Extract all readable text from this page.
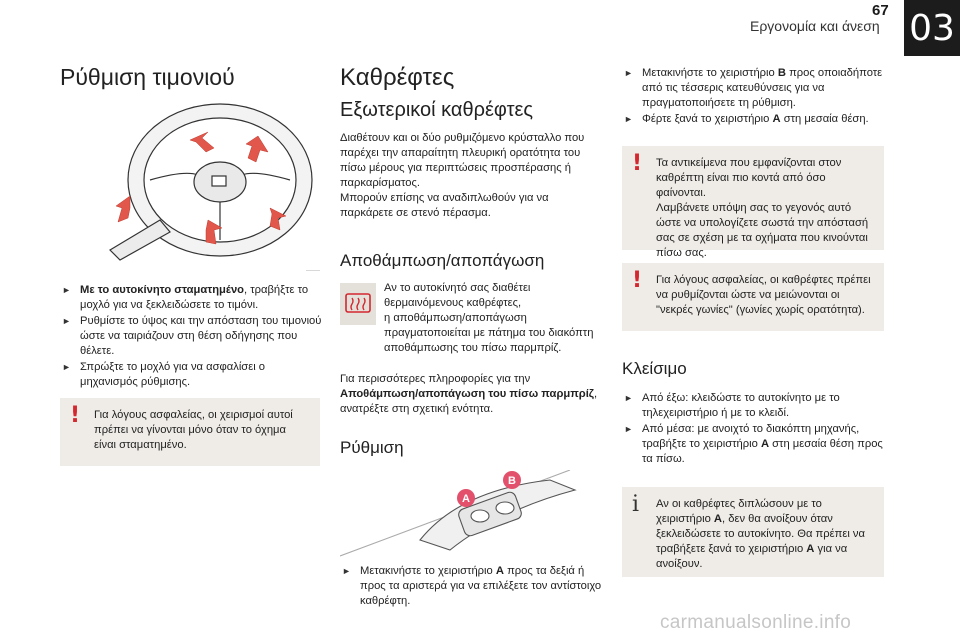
67
Εργονομία και άνεση 03
Ρύθμιση τιμονιού
► Με το αυτοκίνητο σταματημένο, τραβήξτε το μοχλό για να ξεκλειδώσετε το τιμόνι.
► Ρυθμίστε το ύψος και την απόσταση του τιμονιού ώστε να ταιριάζουν στη θέση οδήγησης που θέλετε.
► Σπρώξτε το μοχλό για να ασφαλίσει ο μηχανισμός ρύθμισης.
! Για λόγους ασφαλείας, οι χειρισμοί αυτοί πρέπει να γίνονται μόνο όταν το όχημα είναι σταματημένο.
Καθρέφτες
Εξωτερικοί καθρέφτες

Διαθέτουν και οι δύο ρυθμιζόμενο κρύσταλλο που παρέχει την απαραίτητη πλευρική ορατότητα του πίσω μέρους για περιπτώσεις προσπέρασης ή παρκαρίσματος.
Μπορούν επίσης να αναδιπλωθούν για να παρκάρετε σε στενό πέρασμα.

Αποθάμπωση/αποπάγωση

Αν το αυτοκίνητό σας διαθέτει θερμαινόμενους καθρέφτες,
η αποθάμπωση/αποπάγωση πραγματοποιείται με πάτημα του διακόπτη αποθάμπωσης του πίσω παρμπρίζ.

Για περισσότερες πληροφορίες για την Αποθάμπωση/αποπάγωση του πίσω παρμπρίζ, ανατρέξτε στη σχετική ενότητα.

Ρύθμιση
A
B
► Μετακινήστε το χειριστήριο A προς τα δεξιά ή προς τα αριστερά για να επιλέξετε τον αντίστοιχο καθρέφτη.
► Μετακινήστε το χειριστήριο B προς οποιαδήποτε από τις τέσσερις κατευθύνσεις για να πραγματοποιήσετε τη ρύθμιση.
► Φέρτε ξανά το χειριστήριο A στη μεσαία θέση.
! Τα αντικείμενα που εμφανίζονται στον καθρέπτη είναι πιο κοντά από όσο φαίνονται.
Λαμβάνετε υπόψη σας το γεγονός αυτό ώστε να υπολογίζετε σωστά την απόστασή σας σε σχέση με τα οχήματα που κινούνται πίσω σας.
! Για λόγους ασφαλείας, οι καθρέφτες πρέπει να ρυθμίζονται ώστε να μειώνονται οι "νεκρές γωνίες" (γωνίες χωρίς ορατότητα).
Κλείσιμο
► Από έξω: κλειδώστε το αυτοκίνητο με το τηλεχειριστήριο ή με το κλειδί.
► Από μέσα: με ανοιχτό το διακόπτη μηχανής, τραβήξτε το χειριστήριο A στη μεσαία θέση προς τα πίσω.
i Αν οι καθρέφτες διπλώσουν με το χειριστήριο A, δεν θα ανοίξουν όταν ξεκλειδώσετε το αυτοκίνητο. Θα πρέπει να τραβήξετε ξανά το χειριστήριο A για να ανοίξουν.
carmanualsonline.info
